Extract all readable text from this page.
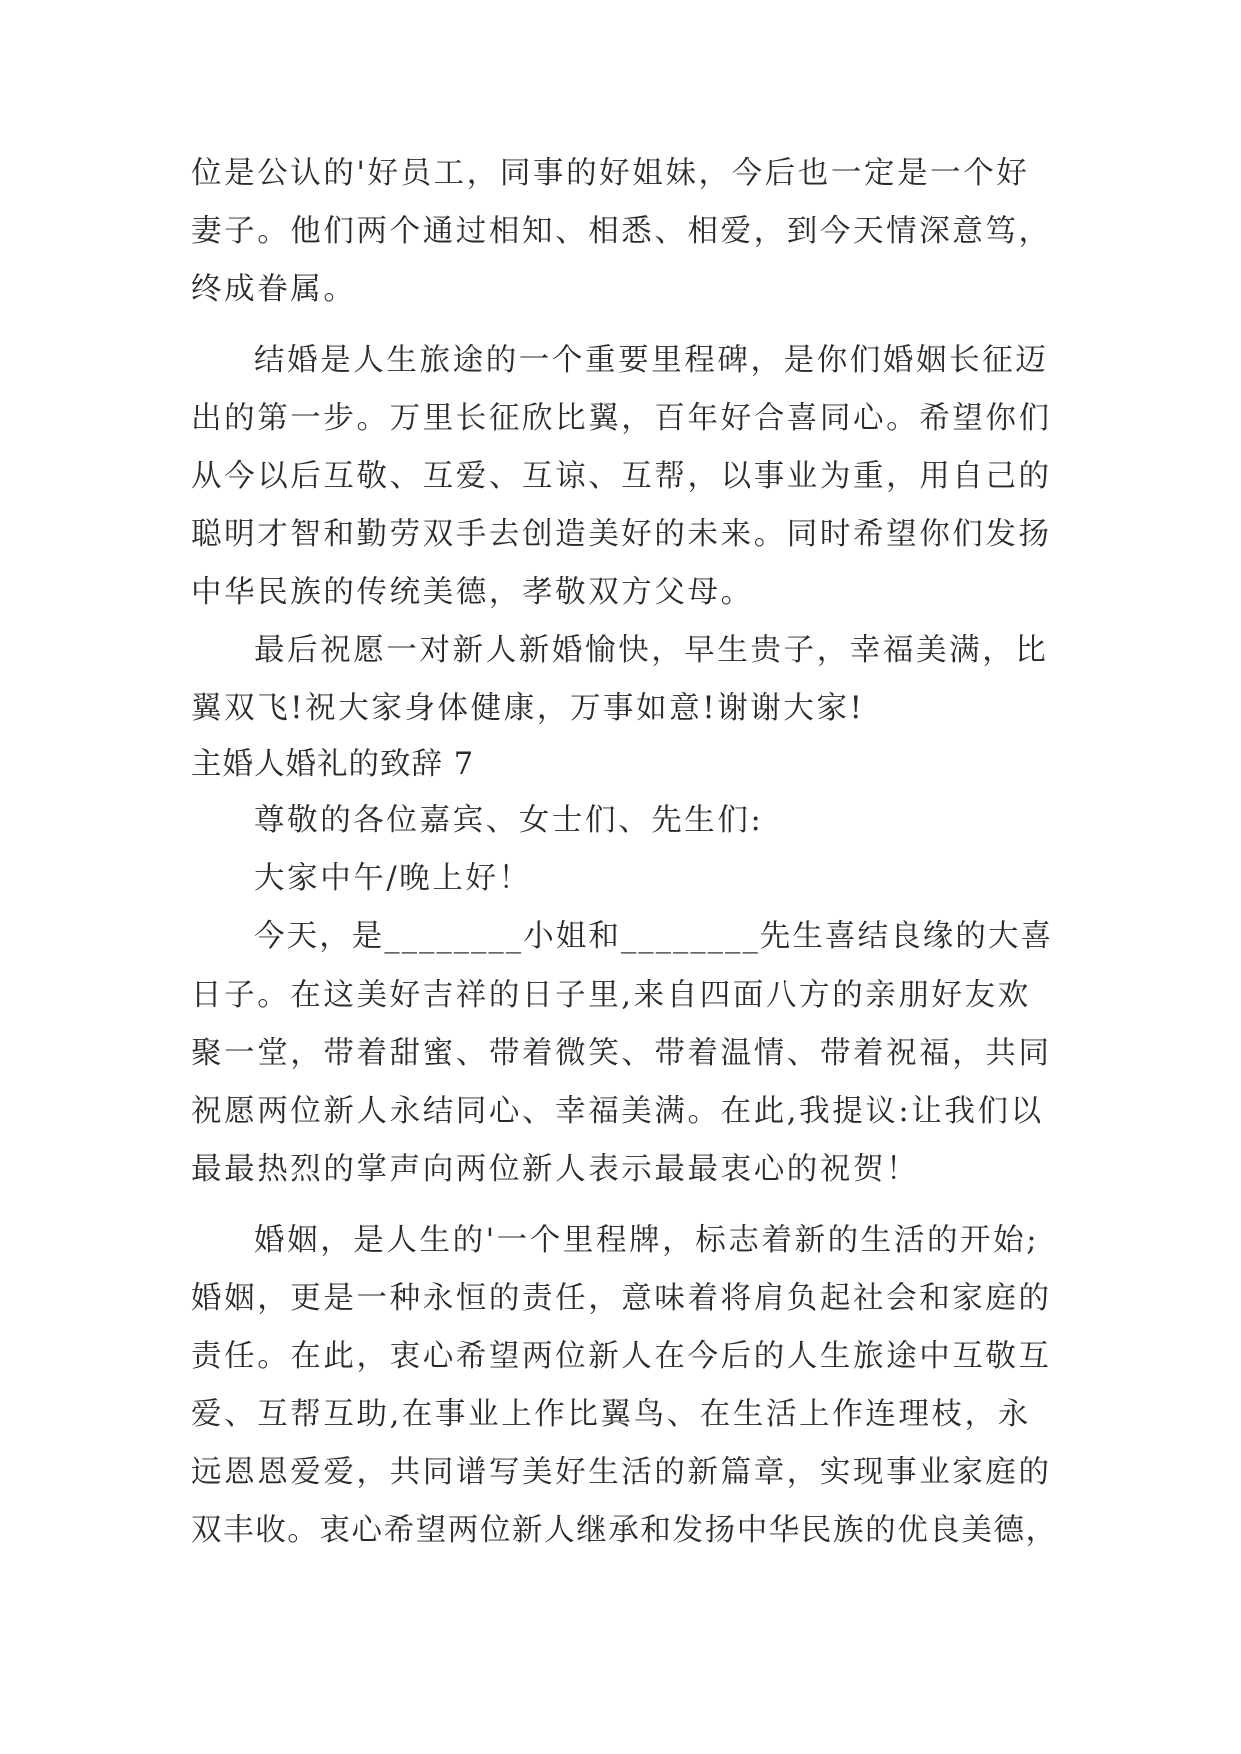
位是公认的'好员工，同事的好姐妹，今后也一定是一个好
妻子。他们两个通过相知、相悉、相爱，到今天情深意笃，
终成眷属。
结婚是人生旅途的一个重要里程碑，是你们婚姻长征迈
出的第一步。万里长征欣比翼，百年好合喜同心。希望你们
从今以后互敬、互爱、互谅、互帮，以事业为重，用自己的
聪明才智和勤劳双手去创造美好的未来。同时希望你们发扬
中华民族的传统美德，孝敬双方父母。
最后祝愿一对新人新婚愉快，早生贵子，幸福美满，比
翼双飞!祝大家身体健康，万事如意!谢谢大家!
主婚人婚礼的致辞 7
尊敬的各位嘉宾、女士们、先生们:
大家中午/晚上好！
今天，是________小姐和________先生喜结良缘的大喜
日子。在这美好吉祥的日子里,来自四面八方的亲朋好友欢
聚一堂，带着甜蜜、带着微笑、带着温情、带着祝福，共同
祝愿两位新人永结同心、幸福美满。在此,我提议:让我们以
最最热烈的掌声向两位新人表示最最衷心的祝贺！
婚姻，是人生的'一个里程牌，标志着新的生活的开始;
婚姻，更是一种永恒的责任，意味着将肩负起社会和家庭的
责任。在此，衷心希望两位新人在今后的人生旅途中互敬互
爱、互帮互助,在事业上作比翼鸟、在生活上作连理枝，永
远恩恩爱爱，共同谱写美好生活的新篇章，实现事业家庭的
双丰收。衷心希望两位新人继承和发扬中华民族的优良美德，
